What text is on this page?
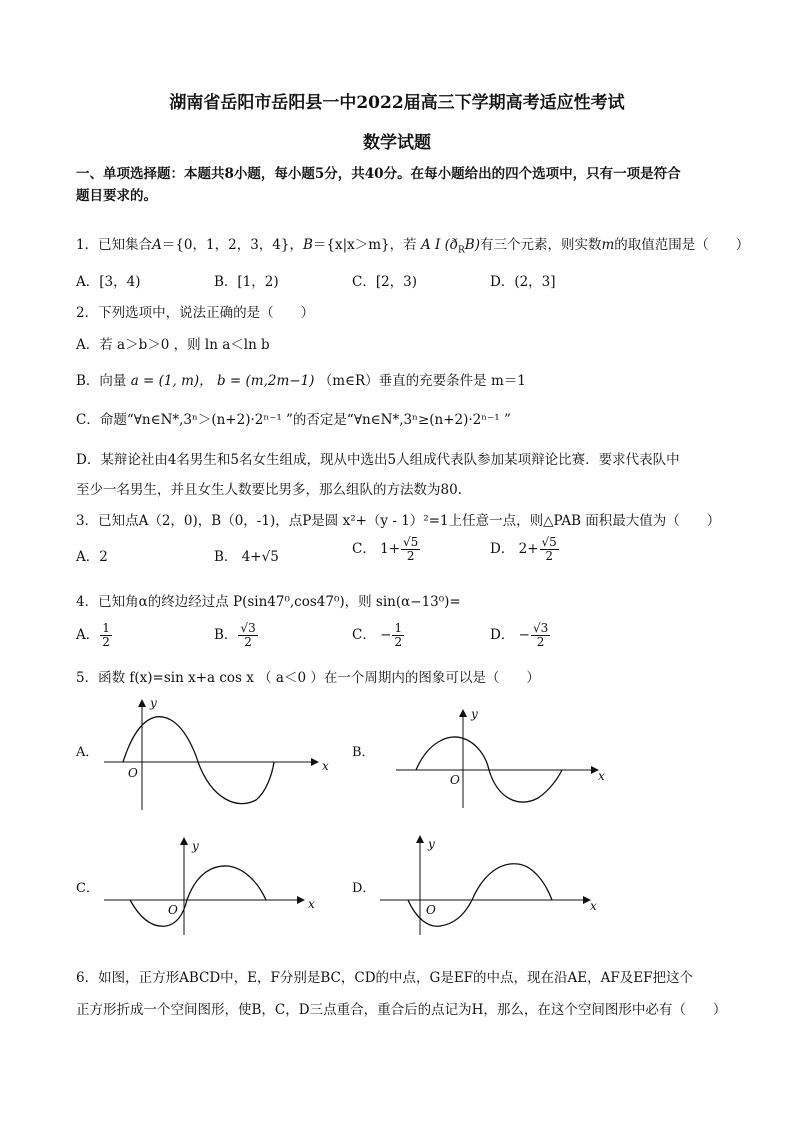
湖南省岳阳市岳阳县一中2022届高三下学期高考适应性考试
数学试题
一、单项选择题：本题共8小题，每小题5分，共40分。在每小题给出的四个选项中，只有一项是符合
题目要求的。
1．已知集合A＝{0，1，2，3，4}，B＝{x|x＞m}，若 A I $(ð_RB)$有三个元素，则实数m的取值范围是（　　）
A．[3，4)	B．[1，2)	C．[2，3)	D．(2，3]
2．下列选项中，说法正确的是（　　）
A．若 a＞b＞0 ，则 ln a＜ln b
B．向量 a = (1, m)， b = (m,2m−1) （m∈R）垂直的充要条件是 m＝1
C．命题“∀n∈N*,3ⁿ＞(n+2)·2ⁿ⁻¹ ”的否定是“∀n∈N*,3ⁿ≥(n+2)·2ⁿ⁻¹ ”
D．某辩论社由4名男生和5名女生组成，现从中选出5人组成代表队参加某项辩论比赛．要求代表队中
至少一名男生，并且女生人数要比男多，那么组队的方法数为80.
3．已知点A（2，0)，B（0，-1)，点P是圆 x²+（y - 1）²=1上任意一点，则△PAB 面积最大值为（　　）
A．2	B． 4+√5	C． $1+ \frac{√5}{2}$	D． $2+ \frac{√5}{2}$
4．已知角α的终边经过点 P(sin47⁰,cos47⁰)，则 sin(α−13⁰)=
A． $\frac{1}{2}$	B． $\frac{√3}{2}$	C． − $\frac{1}{2}$	D． − $\frac{√3}{2}$
5．函数 f(x)=sin x+a cos x （ a＜0 ）在一个周期内的图象可以是（　　）
A．
y
x
O
B．
y
x
O
C．
y
x
O
D．
y
x
O
6．如图，正方形ABCD中，E，F分别是BC，CD的中点，G是EF的中点，现在沿AE，AF及EF把这个
正方形折成一个空间图形，使B，C，D三点重合，重合后的点记为H，那么，在这个空间图形中必有（　　）
